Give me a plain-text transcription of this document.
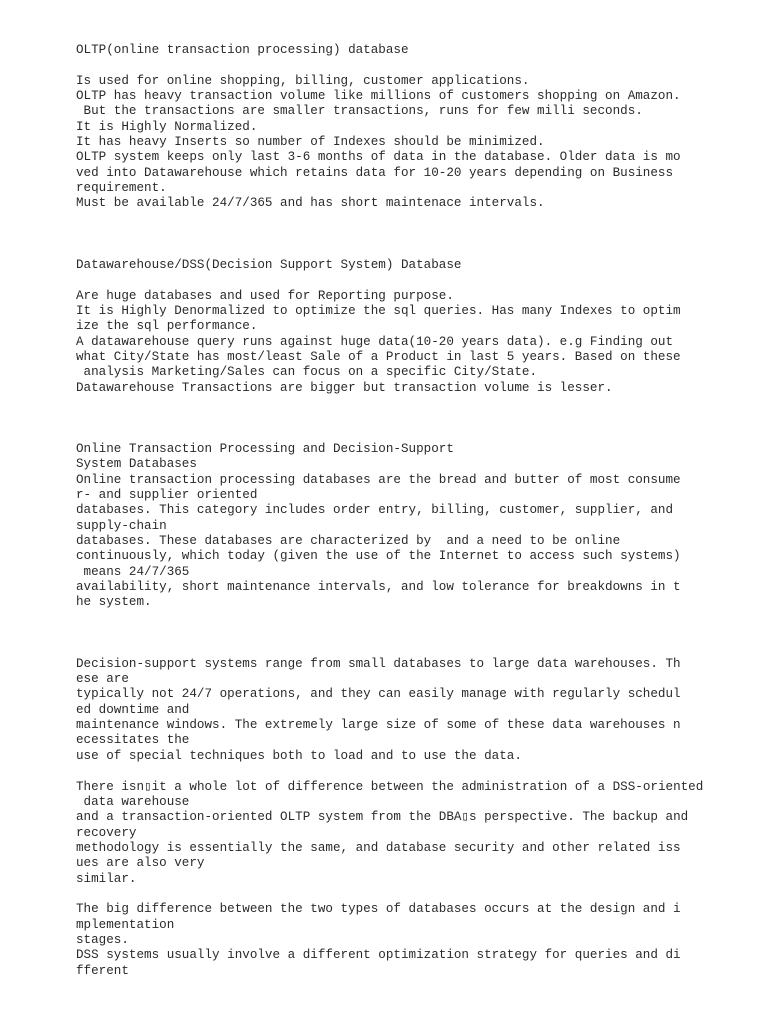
OLTP(online transaction processing) database
Is used for online shopping, billing, customer applications.
OLTP has heavy transaction volume like millions of customers shopping on Amazon.
But the transactions are smaller transactions, runs for few milli seconds.
It is Highly Normalized.
It has heavy Inserts so number of Indexes should be minimized.
OLTP system keeps only last 3-6 months of data in the database. Older data is mo
ved into Datawarehouse which retains data for 10-20 years depending on Business
requirement.
Must be available 24/7/365 and has short maintenace intervals.
Datawarehouse/DSS(Decision Support System) Database
Are huge databases and used for Reporting purpose.
It is Highly Denormalized to optimize the sql queries. Has many Indexes to optim
ize the sql performance.
A datawarehouse query runs against huge data(10-20 years data). e.g Finding out
what City/State has most/least Sale of a Product in last 5 years. Based on these
analysis Marketing/Sales can focus on a specific City/State.
Datawarehouse Transactions are bigger but transaction volume is lesser.
Online Transaction Processing and Decision-Support
System Databases
Online transaction processing databases are the bread and butter of most consume
r- and supplier oriented
databases. This category includes order entry, billing, customer, supplier, and
supply-chain
databases. These databases are characterized by  and a need to be online
continuously, which today (given the use of the Internet to access such systems)
means 24/7/365
availability, short maintenance intervals, and low tolerance for breakdowns in t
he system.
Decision-support systems range from small databases to large data warehouses. Th
ese are
typically not 24/7 operations, and they can easily manage with regularly schedul
ed downtime and
maintenance windows. The extremely large size of some of these data warehouses n
ecessitates the
use of special techniques both to load and to use the data.
There isn▯it a whole lot of difference between the administration of a DSS-oriented
data warehouse
and a transaction-oriented OLTP system from the DBA▯s perspective. The backup and
recovery
methodology is essentially the same, and database security and other related iss
ues are also very
similar.
The big difference between the two types of databases occurs at the design and i
mplementation
stages.
DSS systems usually involve a different optimization strategy for queries and di
fferent
